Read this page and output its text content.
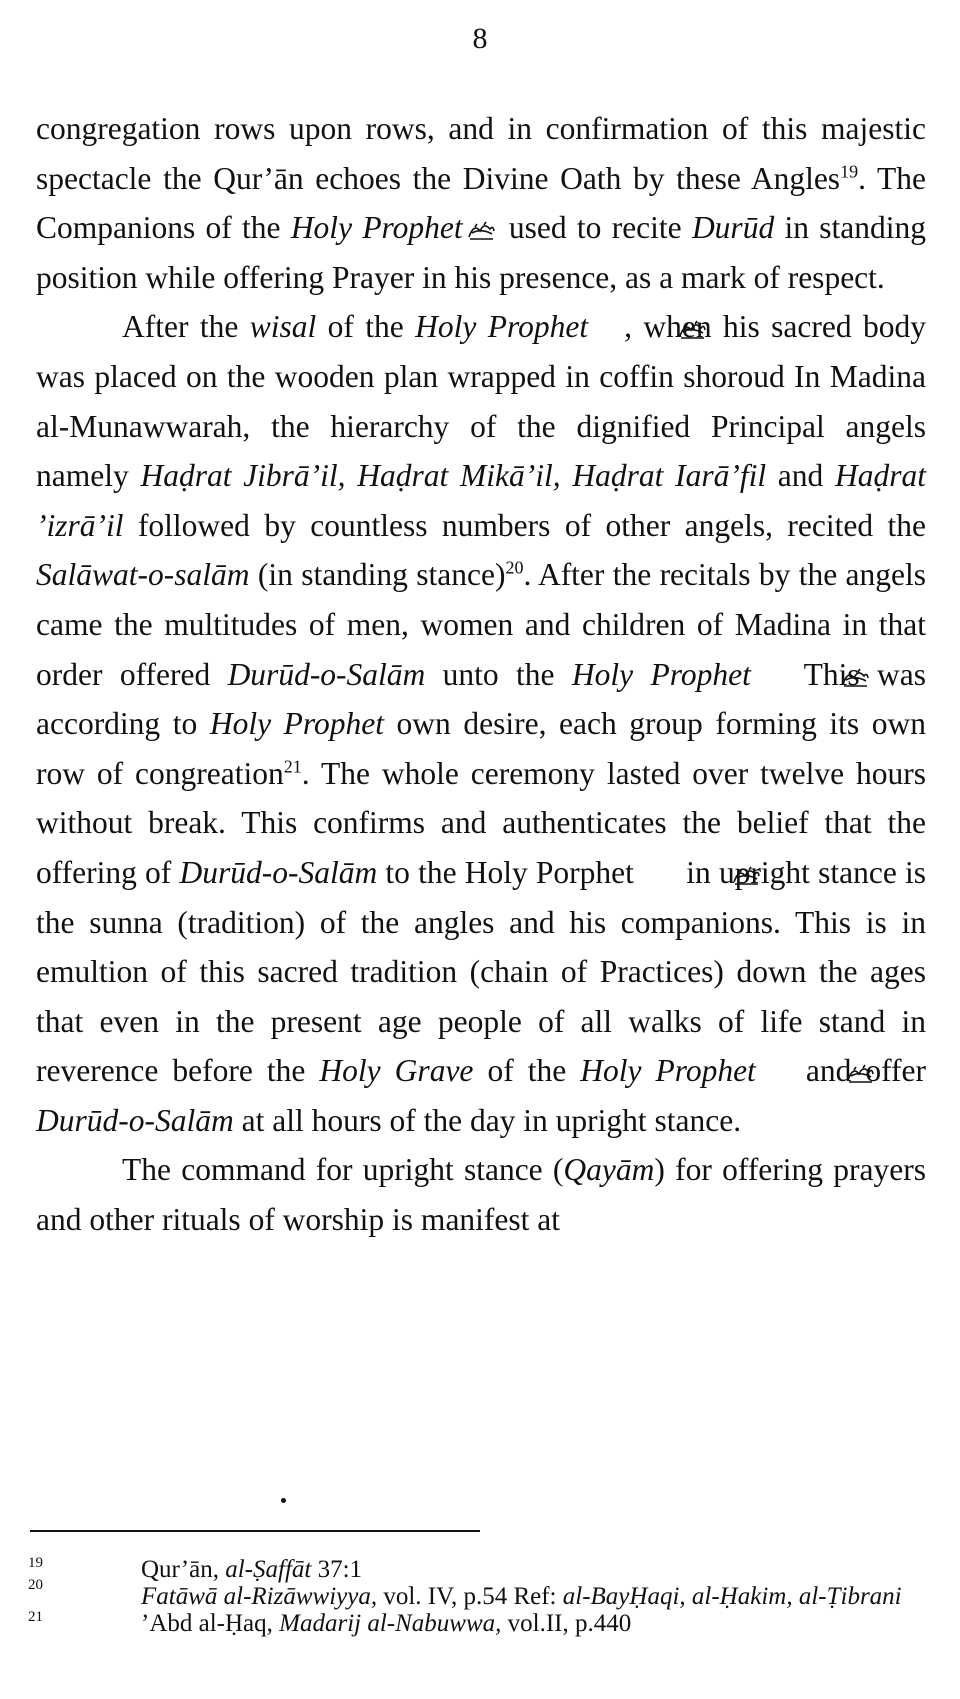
8

congregation rows upon rows, and in confirmation of this majestic spectacle the Qur’ān echoes the Divine Oath by these Angles$^{19}$. The Companions of the Holy Prophet used to recite Durūd in standing position while offering Prayer in his presence, as a mark of respect.

After the wisal of the Holy Prophet , when his sacred body was placed on the wooden plan wrapped in coffin shoroud In Madina al-Munawwarah, the hierarchy of the dignified Principal angels namely Haḍrat Jibrā’il, Haḍrat Mikā’il, Haḍrat Iarā’fil and Haḍrat ’izrā’il followed by countless numbers of other angels, recited the Salāwat-o-salām (in standing stance)$^{20}$. After the recitals by the angels came the multitudes of men, women and children of Madina in that order offered Durūd-o-Salām unto the Holy Prophet This was according to Holy Prophet own desire, each group forming its own row of congreation$^{21}$. The whole ceremony lasted over twelve hours without break. This confirms and authenticates the belief that the offering of Durūd-o-Salām to the Holy Porphet  in upright stance is the sunna (tradition) of the angles and his companions. This is in emultion of this sacred tradition (chain of Practices) down the ages that even in the present age people of all walks of life stand in reverence before the Holy Grave of the Holy Prophet and offer Durūd-o-Salām at all hours of the day in upright stance.

The command for upright stance (Qayām) for offering prayers and other rituals of worship is manifest at

19
20
Qur’ān, al-Ṣaffāt 37:1
Fatāwā al-Rizāwwiyya, vol. IV, p.54 Ref: al-BayḤaqi, al-Ḥakim, al-Ṭibrani
21	’Abd al-Ḥaq, Madarij al-Nabuwwa, vol.II, p.440
